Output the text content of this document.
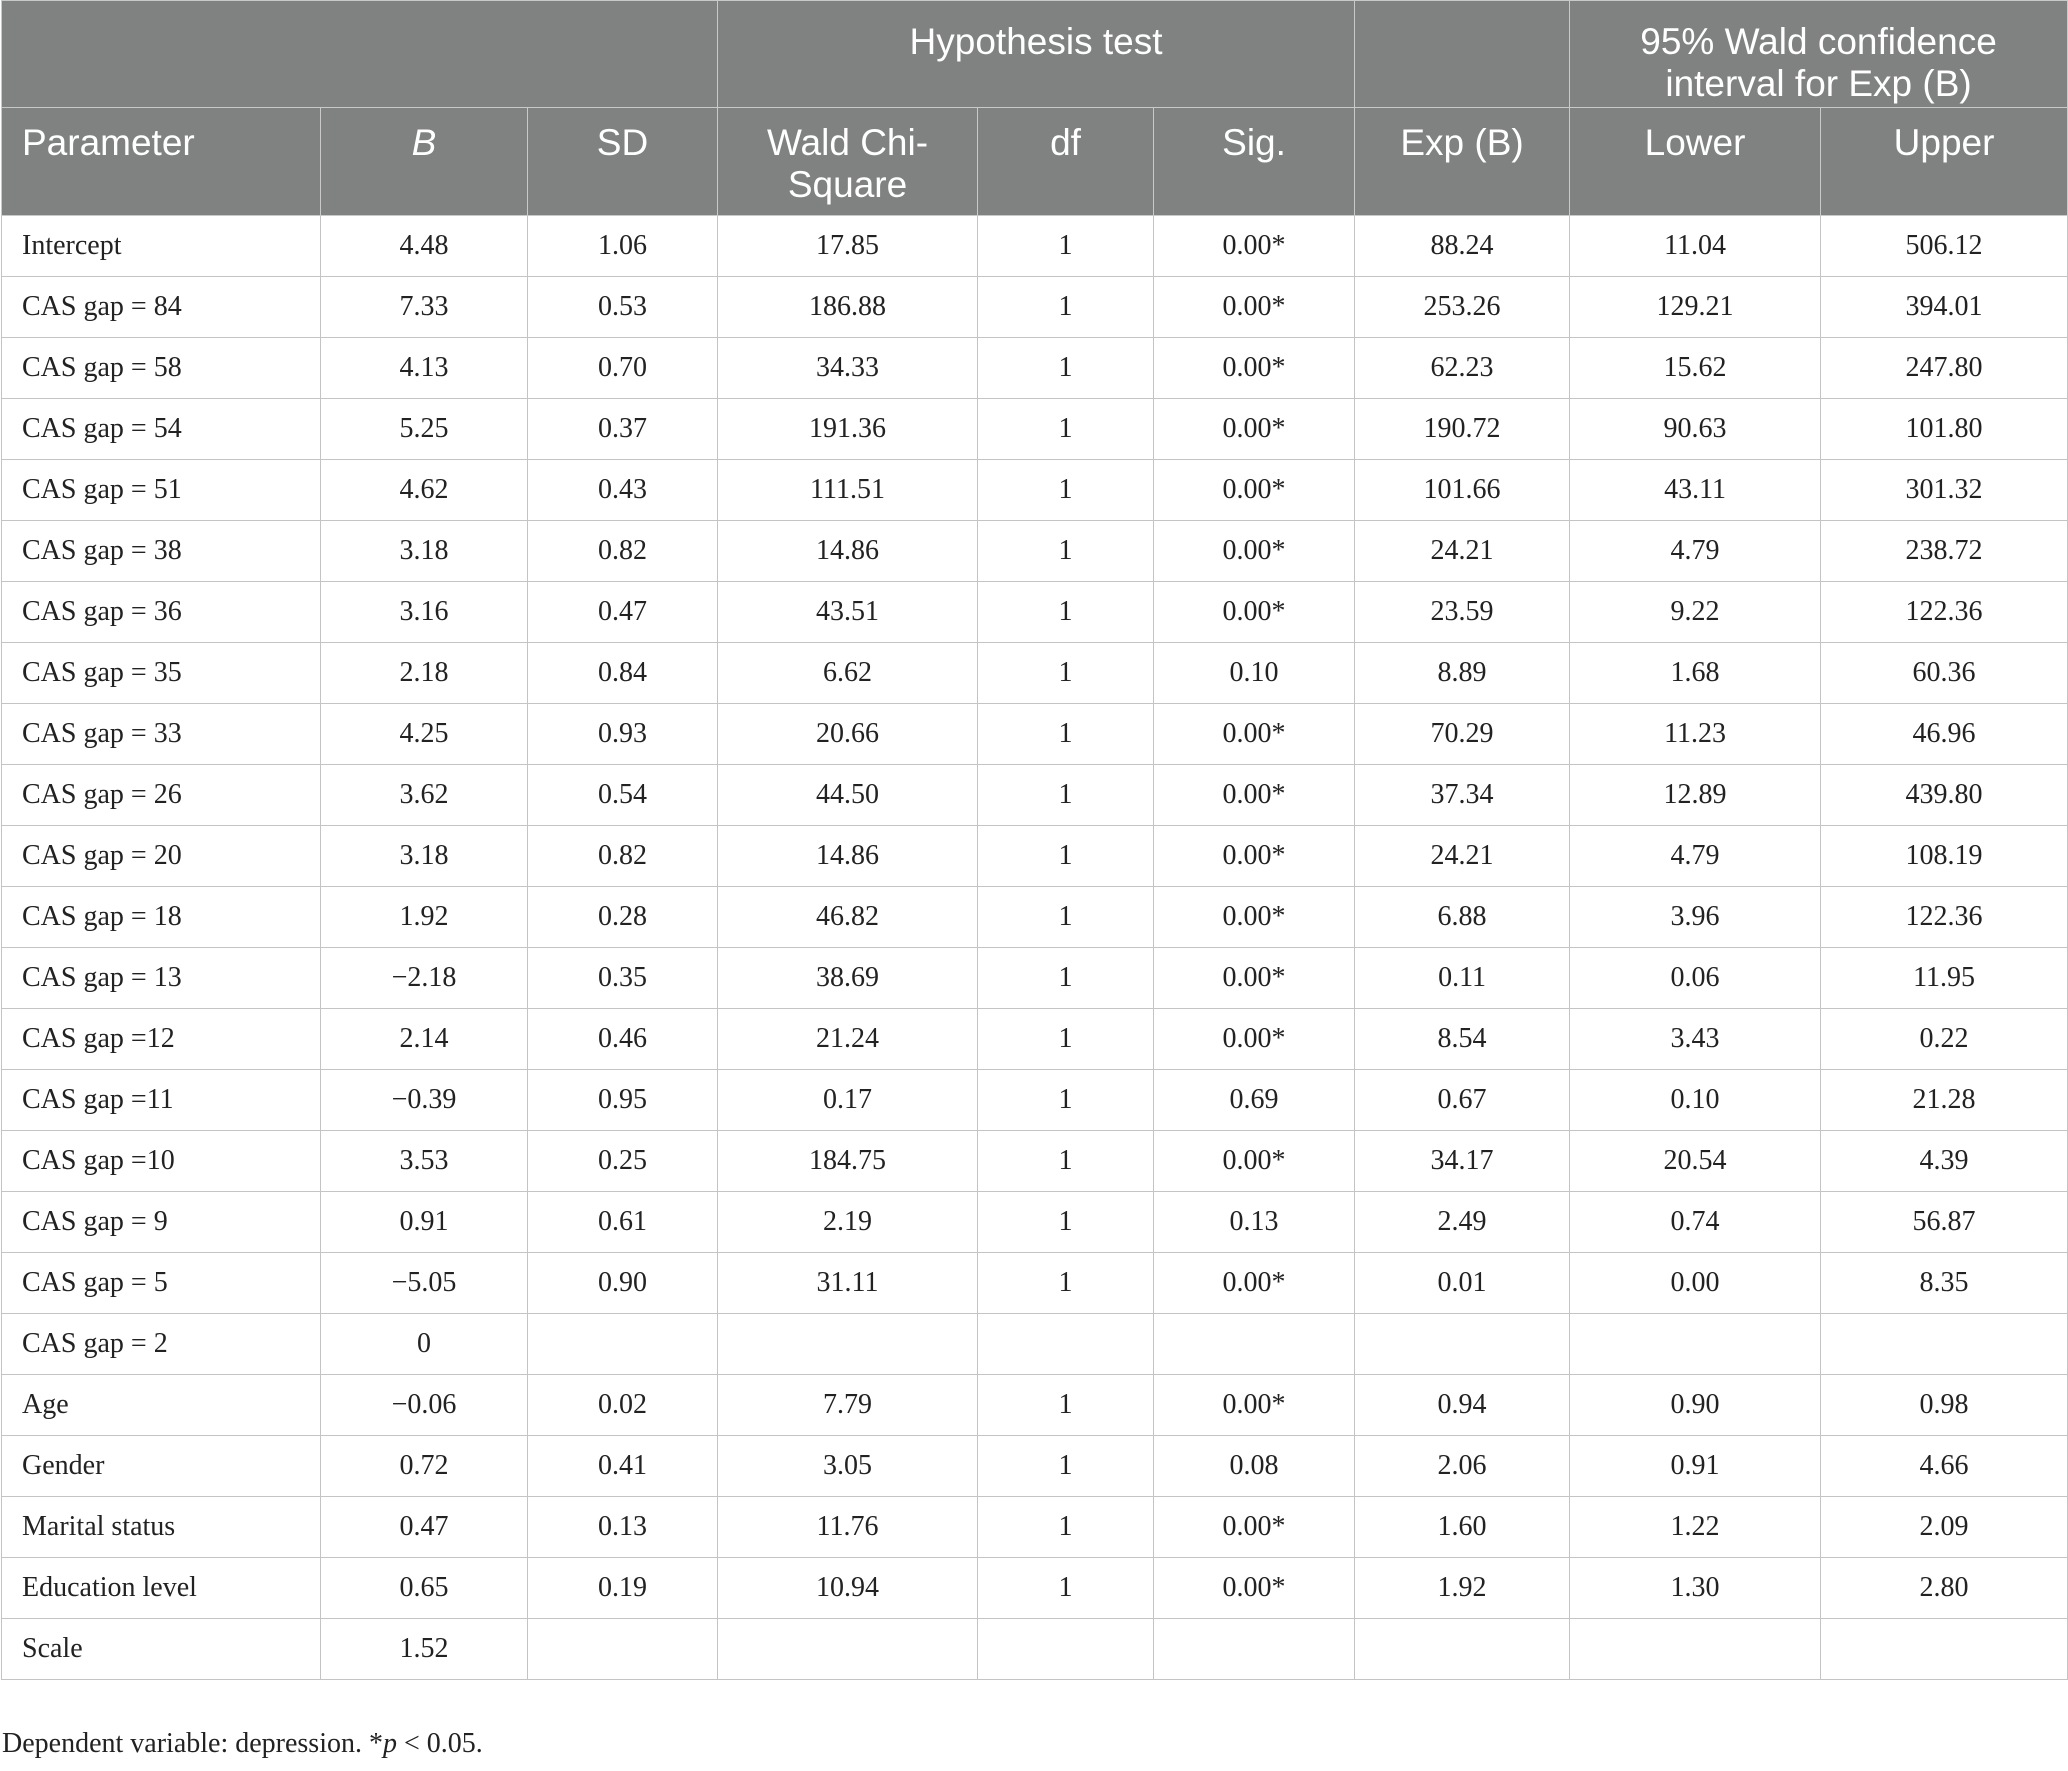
			Hypothesis test				95% Wald confidence interval for Exp (B)	
Parameter	B	SD	Wald Chi-Square	df	Sig.	Exp (B)	Lower	Upper
Intercept	4.48	1.06	17.85	1	0.00*	88.24	11.04	506.12
CAS gap = 84	7.33	0.53	186.88	1	0.00*	253.26	129.21	394.01
CAS gap = 58	4.13	0.70	34.33	1	0.00*	62.23	15.62	247.80
CAS gap = 54	5.25	0.37	191.36	1	0.00*	190.72	90.63	101.80
CAS gap = 51	4.62	0.43	111.51	1	0.00*	101.66	43.11	301.32
CAS gap = 38	3.18	0.82	14.86	1	0.00*	24.21	4.79	238.72
CAS gap = 36	3.16	0.47	43.51	1	0.00*	23.59	9.22	122.36
CAS gap = 35	2.18	0.84	6.62	1	0.10	8.89	1.68	60.36
CAS gap = 33	4.25	0.93	20.66	1	0.00*	70.29	11.23	46.96
CAS gap = 26	3.62	0.54	44.50	1	0.00*	37.34	12.89	439.80
CAS gap = 20	3.18	0.82	14.86	1	0.00*	24.21	4.79	108.19
CAS gap = 18	1.92	0.28	46.82	1	0.00*	6.88	3.96	122.36
CAS gap = 13	−2.18	0.35	38.69	1	0.00*	0.11	0.06	11.95
CAS gap =12	2.14	0.46	21.24	1	0.00*	8.54	3.43	0.22
CAS gap =11	−0.39	0.95	0.17	1	0.69	0.67	0.10	21.28
CAS gap =10	3.53	0.25	184.75	1	0.00*	34.17	20.54	4.39
CAS gap = 9	0.91	0.61	2.19	1	0.13	2.49	0.74	56.87
CAS gap = 5	−5.05	0.90	31.11	1	0.00*	0.01	0.00	8.35
CAS gap = 2	0							
Age	−0.06	0.02	7.79	1	0.00*	0.94	0.90	0.98
Gender	0.72	0.41	3.05	1	0.08	2.06	0.91	4.66
Marital status	0.47	0.13	11.76	1	0.00*	1.60	1.22	2.09
Education level	0.65	0.19	10.94	1	0.00*	1.92	1.30	2.80
Scale	1.52							

Dependent variable: depression. *p < 0.05.
